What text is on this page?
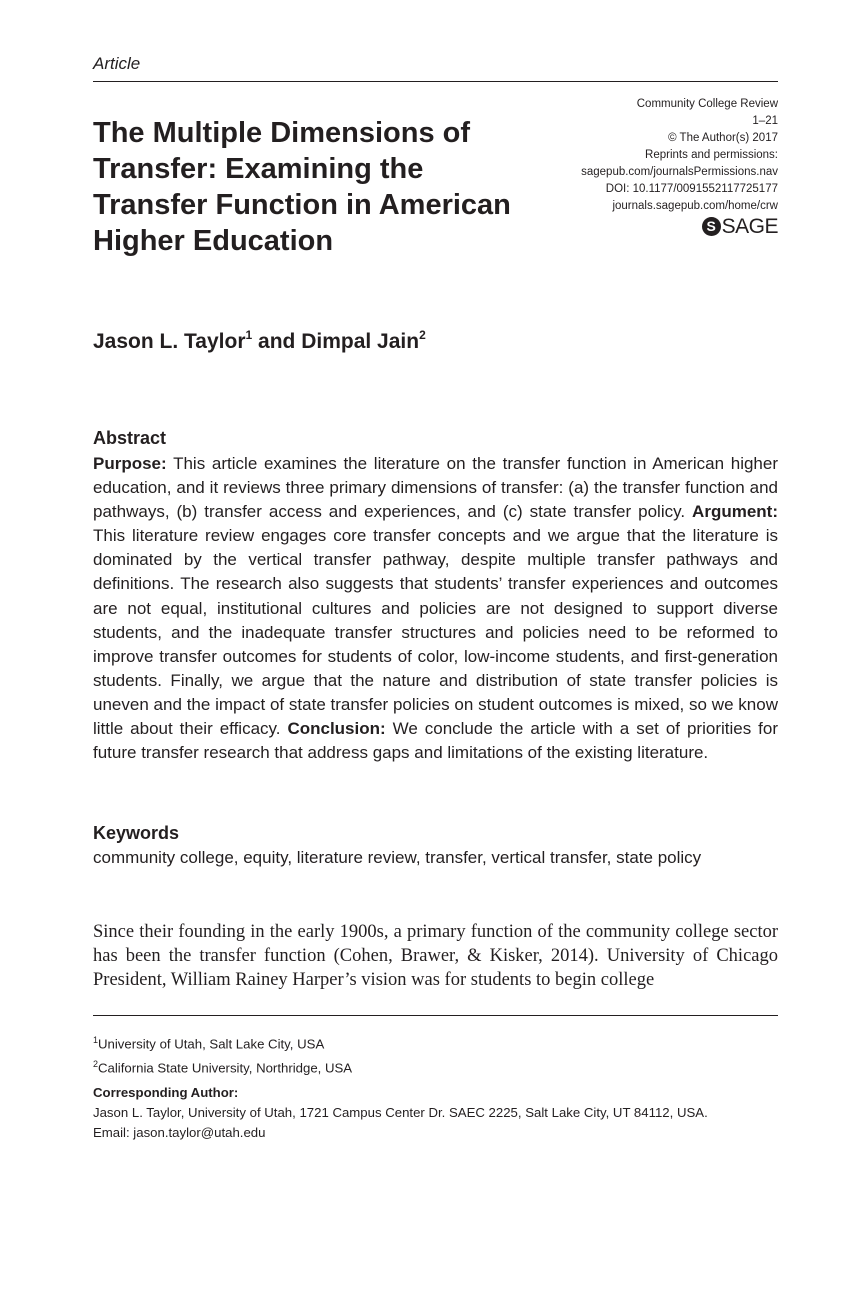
Article
Community College Review
1–21
© The Author(s) 2017
Reprints and permissions:
sagepub.com/journalsPermissions.nav
DOI: 10.1177/0091552117725177
journals.sagepub.com/home/crw
S SAGE
The Multiple Dimensions of Transfer: Examining the Transfer Function in American Higher Education
Jason L. Taylor$^1$ and Dimpal Jain$^2$
Abstract

Purpose: This article examines the literature on the transfer function in American higher education, and it reviews three primary dimensions of transfer: (a) the transfer function and pathways, (b) transfer access and experiences, and (c) state transfer policy. Argument: This literature review engages core transfer concepts and we argue that the literature is dominated by the vertical transfer pathway, despite multiple transfer pathways and definitions. The research also suggests that students’ transfer experiences and outcomes are not equal, institutional cultures and policies are not designed to support diverse students, and the inadequate transfer structures and policies need to be reformed to improve transfer outcomes for students of color, low-income students, and first-generation students. Finally, we argue that the nature and distribution of state transfer policies is uneven and the impact of state transfer policies on student outcomes is mixed, so we know little about their efficacy. Conclusion: We conclude the article with a set of priorities for future transfer research that address gaps and limitations of the existing literature.

Keywords
community college, equity, literature review, transfer, vertical transfer, state policy

Since their founding in the early 1900s, a primary function of the community college sector has been the transfer function (Cohen, Brawer, & Kisker, 2014). University of Chicago President, William Rainey Harper’s vision was for students to begin college

$^1$University of Utah, Salt Lake City, USA
$^2$California State University, Northridge, USA
Corresponding Author:
Jason L. Taylor, University of Utah, 1721 Campus Center Dr. SAEC 2225, Salt Lake City, UT 84112, USA.
Email: jason.taylor@utah.edu
